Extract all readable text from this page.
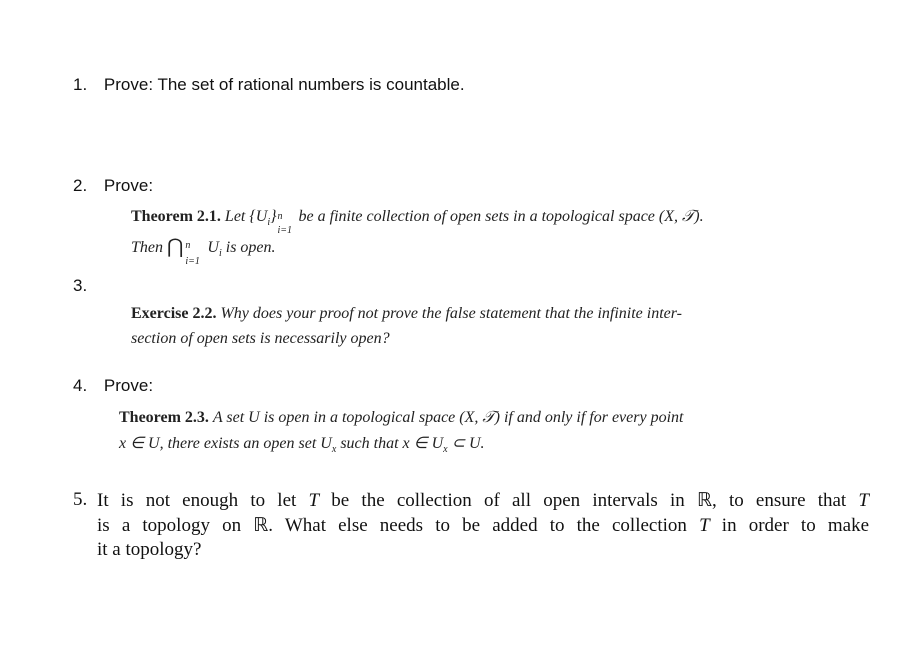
1. Prove: The set of rational numbers is countable.
2. Prove:
Theorem 2.1. Let $\{U_i\}$ n
i=1
be a finite collection of open sets in a topological space (X, 𝒯).
Then ⋂ n
i=1
$U_i$ is open.
3.
Exercise 2.2. Why does your proof not prove the false statement that the infinite inter-
section of open sets is necessarily open?
4. Prove:
Theorem 2.3. A set U is open in a topological space (X, 𝒯) if and only if for every point
x ∈ U, there exists an open set $U_x$ such that x ∈ $U_x$ ⊂ U.
5. It is not enough to let T be the collection of all open intervals in ℝ, to ensure that T
is a topology on ℝ. What else needs to be added to the collection T in order to make
it a topology?
